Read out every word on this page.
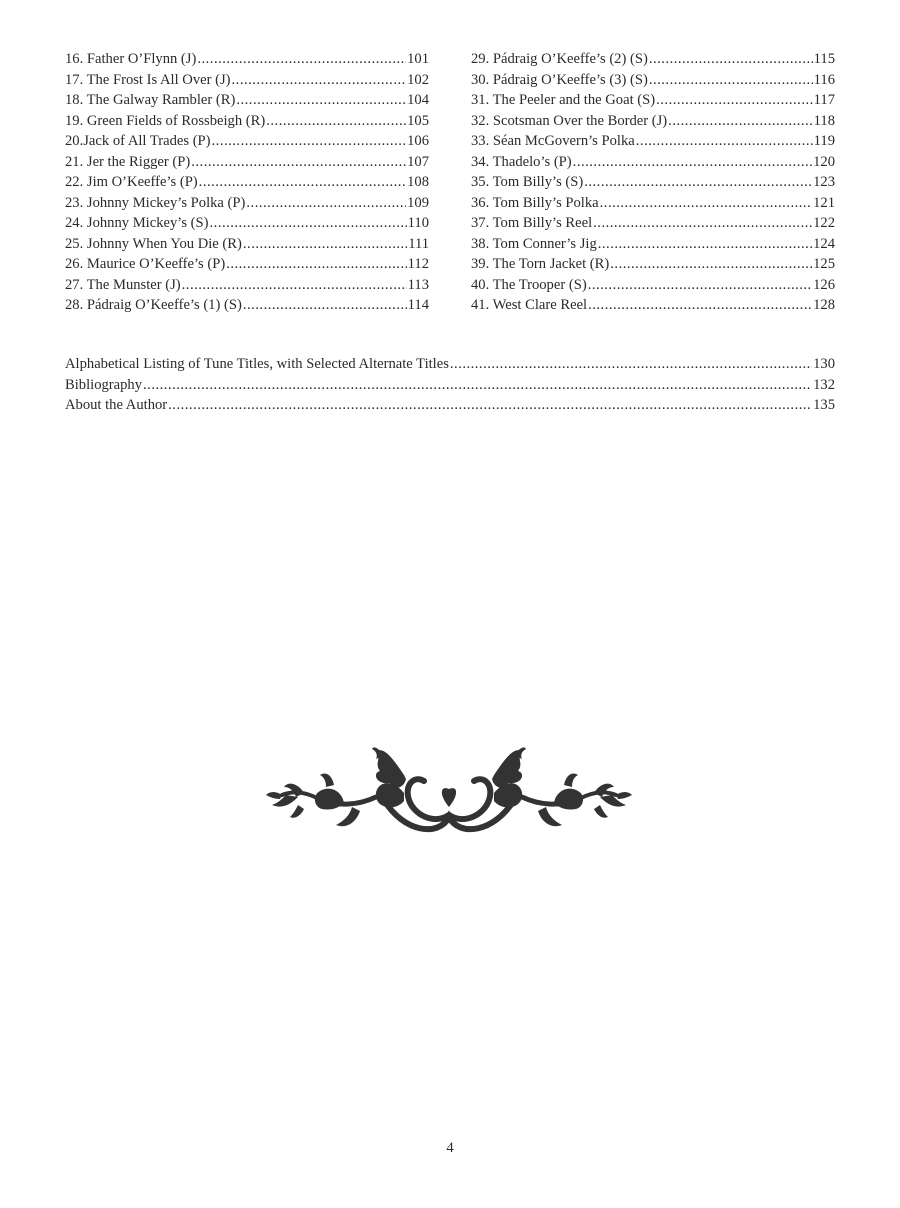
16. Father O’Flynn (J) .....	101
17. The Frost Is All Over (J) .....	102
18. The Galway Rambler (R) .....	104
19. Green Fields of Rossbeigh (R) .....	105
20.Jack of All Trades (P) .....	106
21. Jer the Rigger (P) .....	107
22. Jim O’Keeffe’s (P) .....	108
23. Johnny Mickey’s Polka (P) .....	109
24. Johnny Mickey’s (S) .....	110
25. Johnny When You Die (R) .....	111
26. Maurice O’Keeffe’s (P) .....	112
27. The Munster (J) .....	113
28. Pádraig O’Keeffe’s (1) (S) .....	114
29. Pádraig O’Keeffe’s (2) (S) .....	115
30. Pádraig O’Keeffe’s (3) (S) .....	116
31. The Peeler and the Goat (S) .....	117
32. Scotsman Over the Border (J) .....	118
33. Séan McGovern’s Polka .....	119
34. Thadelo’s (P) .....	120
35. Tom Billy’s (S) .....	123
36. Tom Billy’s Polka .....	121
37. Tom Billy’s Reel .....	122
38. Tom Conner’s Jig .....	124
39. The Torn Jacket (R) .....	125
40. The Trooper (S) .....	126
41. West Clare Reel .....	128
Alphabetical Listing of Tune Titles, with Selected Alternate Titles .....	130
Bibliography .....	132
About the Author .....	135
4
